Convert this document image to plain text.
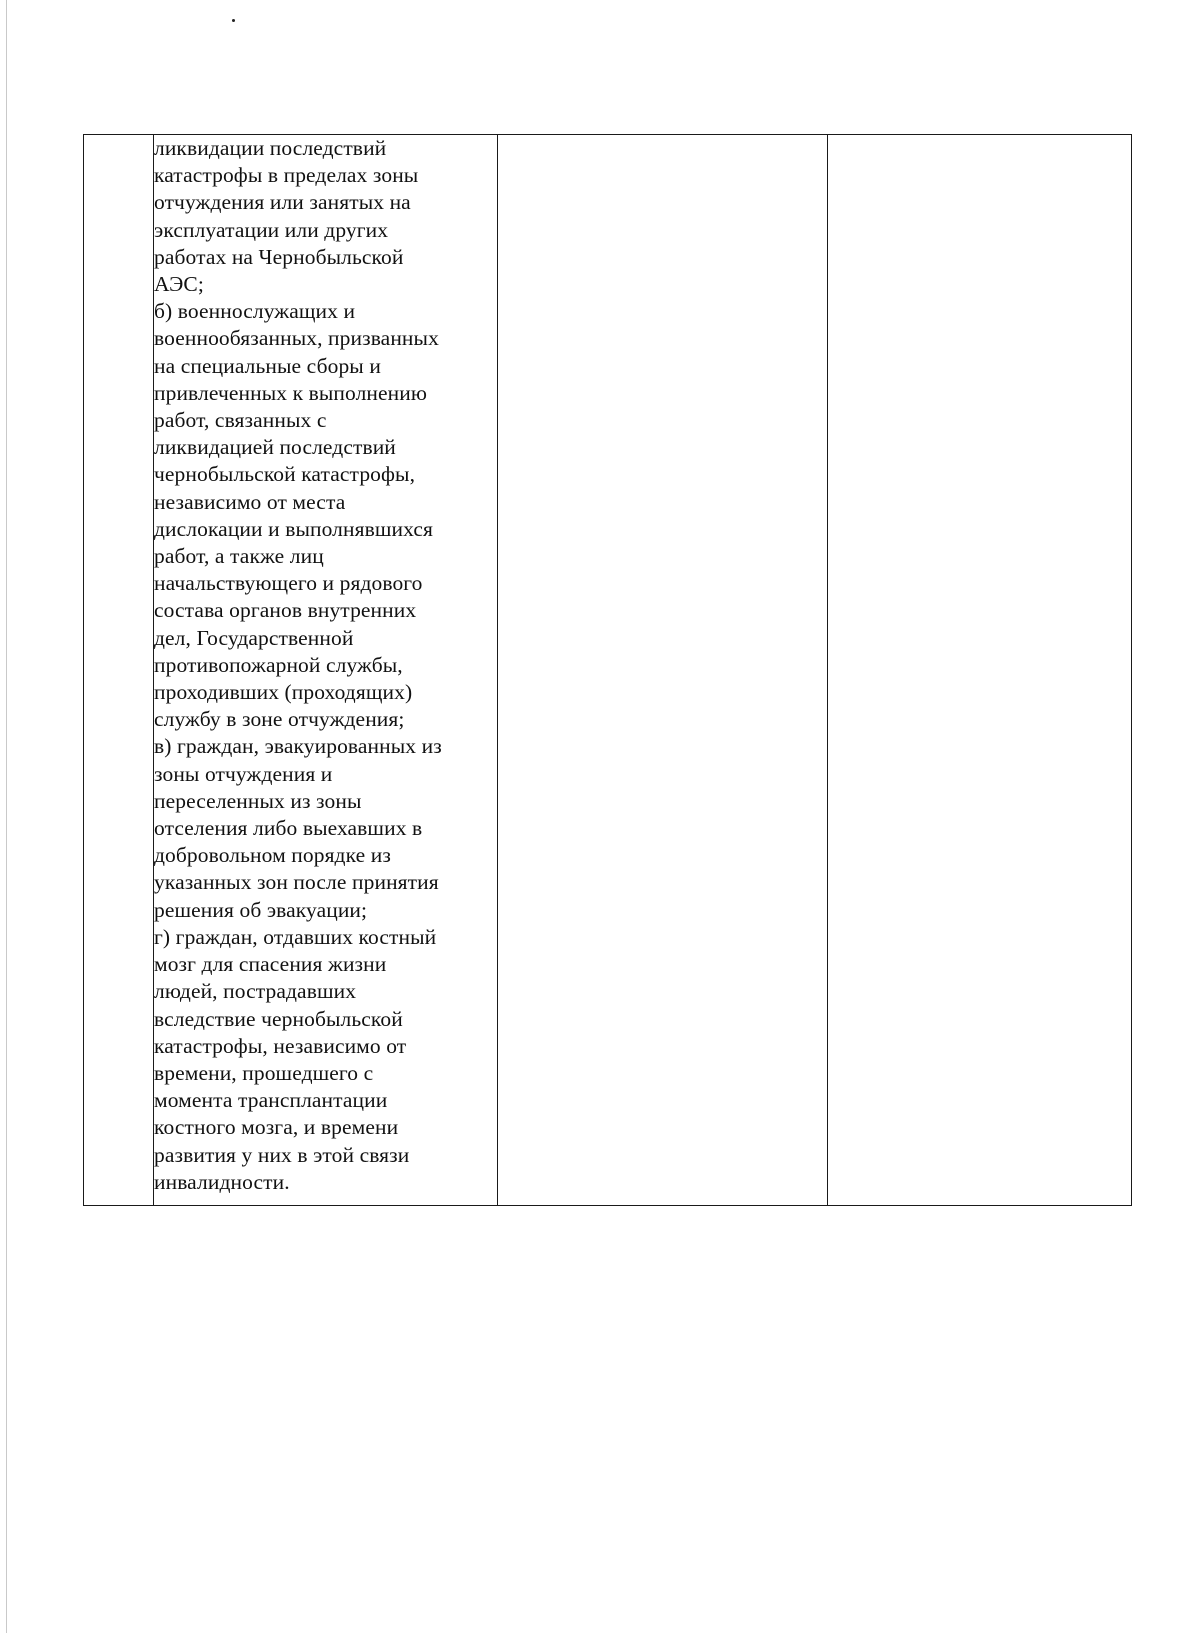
ликвидации последствий
катастрофы в пределах зоны
отчуждения или занятых на
эксплуатации или других
работах на Чернобыльской
АЭС;
б) военнослужащих и
военнообязанных, призванных
на специальные сборы и
привлеченных к выполнению
работ, связанных с
ликвидацией последствий
чернобыльской катастрофы,
независимо от места
дислокации и выполнявшихся
работ, а также лиц
начальствующего и рядового
состава органов внутренних
дел, Государственной
противопожарной службы,
проходивших (проходящих)
службу в зоне отчуждения;
в) граждан, эвакуированных из
зоны отчуждения и
переселенных из зоны
отселения либо выехавших в
добровольном порядке из
указанных зон после принятия
решения об эвакуации;
г) граждан, отдавших костный
мозг для спасения жизни
людей, пострадавших
вследствие чернобыльской
катастрофы, независимо от
времени, прошедшего с
момента трансплантации
костного мозга, и времени
развития у них в этой связи
инвалидности.
